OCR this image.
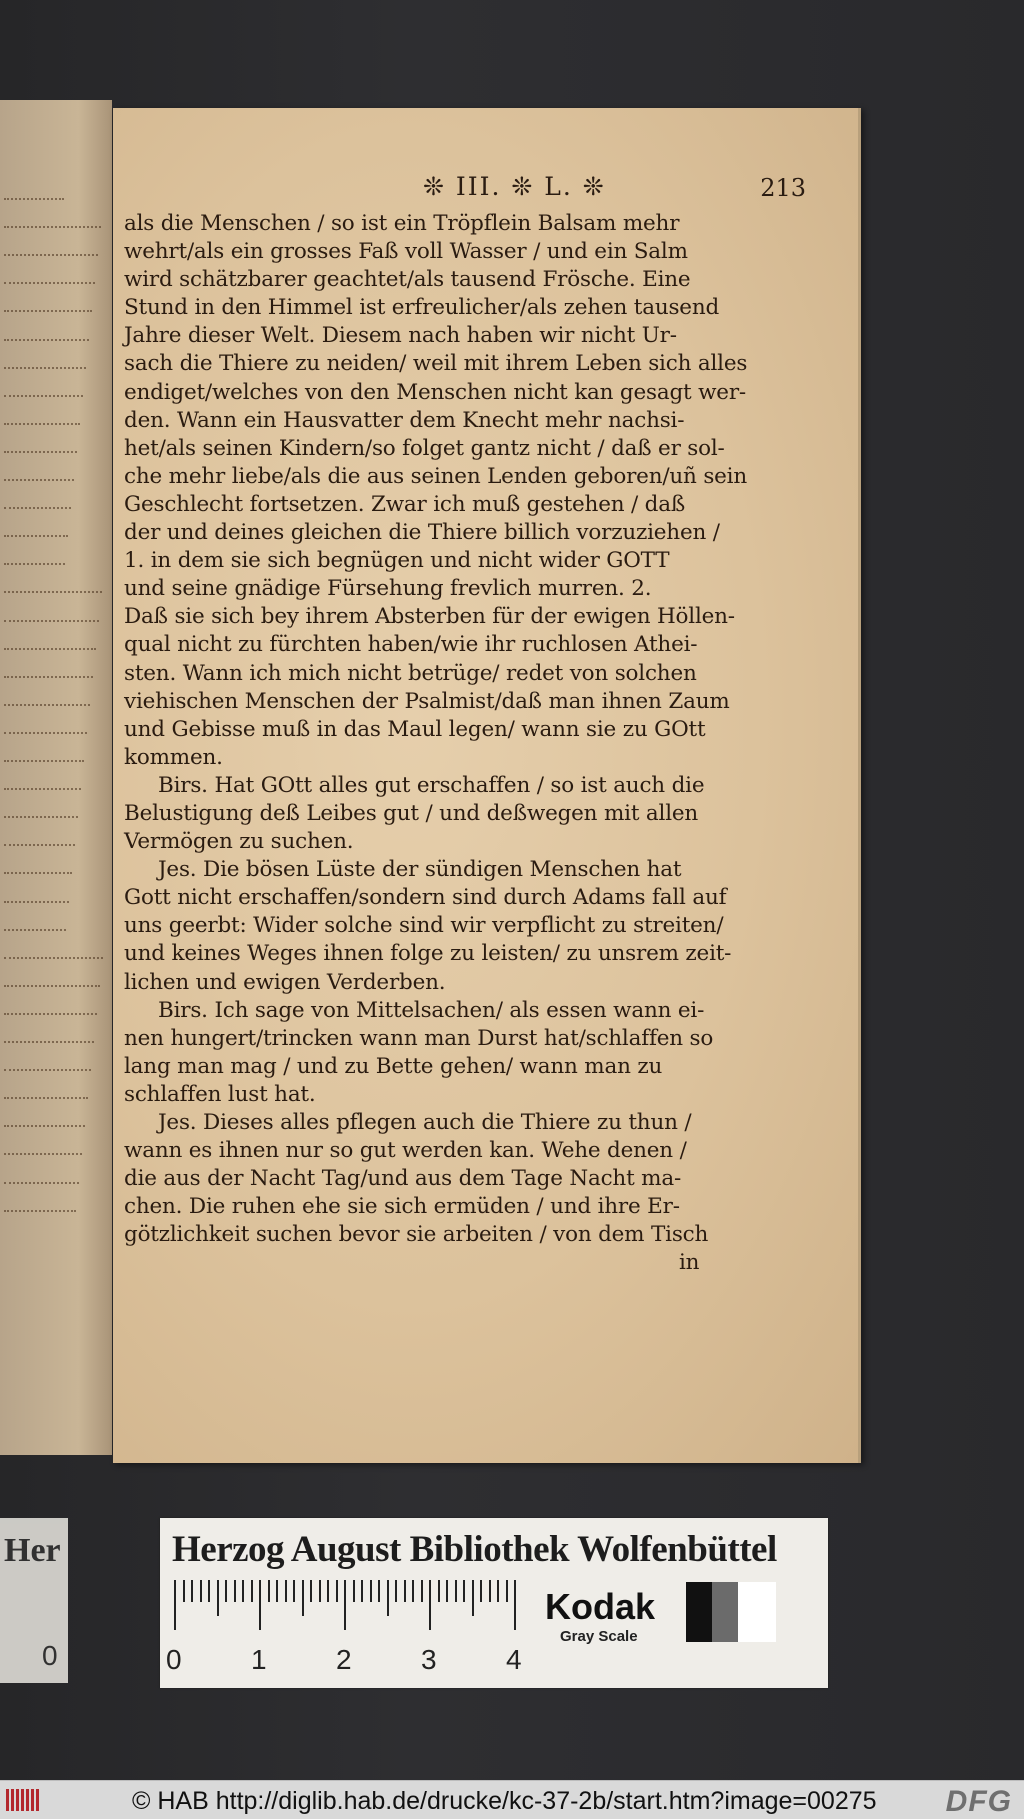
❊ III. ❊ L. ❊	213
als die Menschen / so ist ein Tröpflein Balsam mehr
wehrt/als ein grosses Faß voll Wasser / und ein Salm
wird schätzbarer geachtet/als tausend Frösche. Eine
Stund in den Himmel ist erfreulicher/als zehen tausend
Jahre dieser Welt. Diesem nach haben wir nicht Ur-
sach die Thiere zu neiden/ weil mit ihrem Leben sich alles
endiget/welches von den Menschen nicht kan gesagt wer-
den. Wann ein Hausvatter dem Knecht mehr nachsi-
het/als seinen Kindern/so folget gantz nicht / daß er sol-
che mehr liebe/als die aus seinen Lenden geboren/uñ sein
Geschlecht fortsetzen. Zwar ich muß gestehen / daß
der und deines gleichen die Thiere billich vorzuziehen /
1. in dem sie sich begnügen und nicht wider GOTT
und seine gnädige Fürsehung frevlich murren. 2.
Daß sie sich bey ihrem Absterben für der ewigen Höllen-
qual nicht zu fürchten haben/wie ihr ruchlosen Athei-
sten. Wann ich mich nicht betrüge/ redet von solchen
viehischen Menschen der Psalmist/daß man ihnen Zaum
und Gebisse muß in das Maul legen/ wann sie zu GOtt
kommen.
Birs. Hat GOtt alles gut erschaffen / so ist auch die
Belustigung deß Leibes gut / und deßwegen mit allen
Vermögen zu suchen.
Jes. Die bösen Lüste der sündigen Menschen hat
Gott nicht erschaffen/sondern sind durch Adams fall auf
uns geerbt: Wider solche sind wir verpflicht zu streiten/
und keines Weges ihnen folge zu leisten/ zu unsrem zeit-
lichen und ewigen Verderben.
Birs. Ich sage von Mittelsachen/ als essen wann ei-
nen hungert/trincken wann man Durst hat/schlaffen so
lang man mag / und zu Bette gehen/ wann man zu
schlaffen lust hat.
Jes. Dieses alles pflegen auch die Thiere zu thun /
wann es ihnen nur so gut werden kan. Wehe denen /
die aus der Nacht Tag/und aus dem Tage Nacht ma-
chen. Die ruhen ehe sie sich ermüden / und ihre Er-
götzlichkeit suchen bevor sie arbeiten / von dem Tisch
in
Her
0
Herzog August Bibliothek Wolfenbüttel
0 1 2 3 4
Kodak
Gray Scale
© HAB http://diglib.hab.de/drucke/kc-37-2b/start.htm?image=00275 DFG
